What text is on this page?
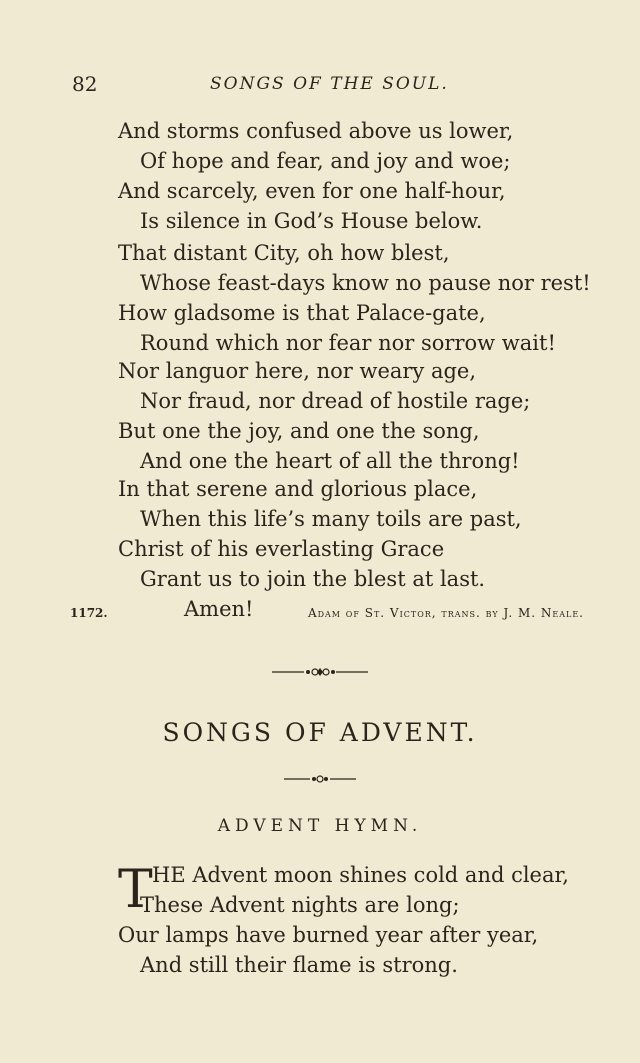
82	SONGS OF THE SOUL.
And storms confused above us lower,
Of hope and fear, and joy and woe;
And scarcely, even for one half-hour,
Is silence in God’s House below.
That distant City, oh how blest,
Whose feast-days know no pause nor rest!
How gladsome is that Palace-gate,
Round which nor fear nor sorrow wait!
Nor languor here, nor weary age,
Nor fraud, nor dread of hostile rage;
But one the joy, and one the song,
And one the heart of all the throng!
In that serene and glorious place,
When this life’s many toils are past,
Christ of his everlasting Grace
Grant us to join the blest at last.
Amen!
1172.	Adam of St. Victor, trans. by J. M. Neale.
SONGS OF ADVENT.
ADVENT HYMN.
T HE Advent moon shines cold and clear,
These Advent nights are long;
Our lamps have burned year after year,
And still their flame is strong.
